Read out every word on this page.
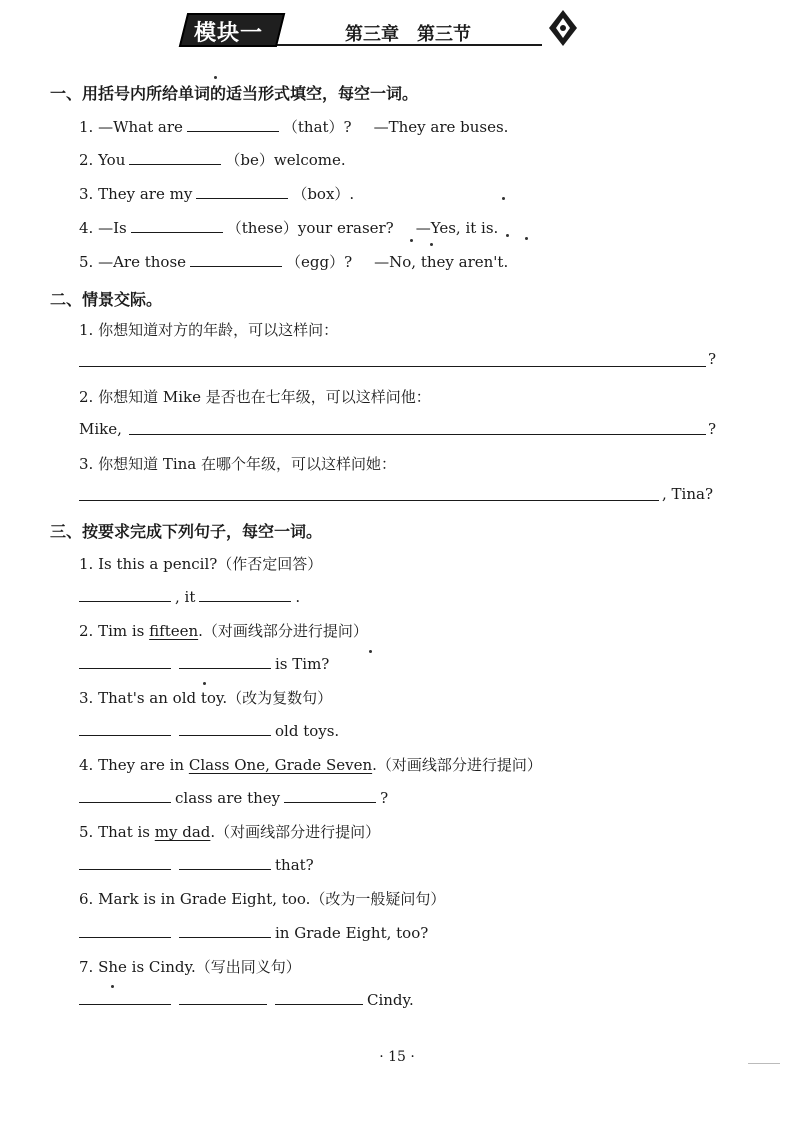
模块一	第三章　第三节
一、用括号内所给单词的适当形式填空，每空一词。
1. —What are	（that）? —They are buses.
2. You	（be）welcome.
3. They are my	（box）.
4. —Is	（these）your eraser? —Yes, it is.
5. —Are those	（egg）? —No, they aren't.
二、情景交际。
1. 你想知道对方的年龄，可以这样问：
?
2. 你想知道 Mike 是否也在七年级，可以这样问他：
Mike,	?
3. 你想知道 Tina 在哪个年级，可以这样问她：
, Tina?
三、按要求完成下列句子，每空一词。
1. Is this a pencil?（作否定回答）
, it	.
2. Tim is fifteen.（对画线部分进行提问）
is Tim?
3. That's an old toy.（改为复数句）
old toys.
4. They are in Class One, Grade Seven.（对画线部分进行提问）
class are they	?
5. That is my dad.（对画线部分进行提问）
that?
6. Mark is in Grade Eight, too.（改为一般疑问句）
in Grade Eight, too?
7. She is Cindy.（写出同义句）
Cindy.
· 15 ·
